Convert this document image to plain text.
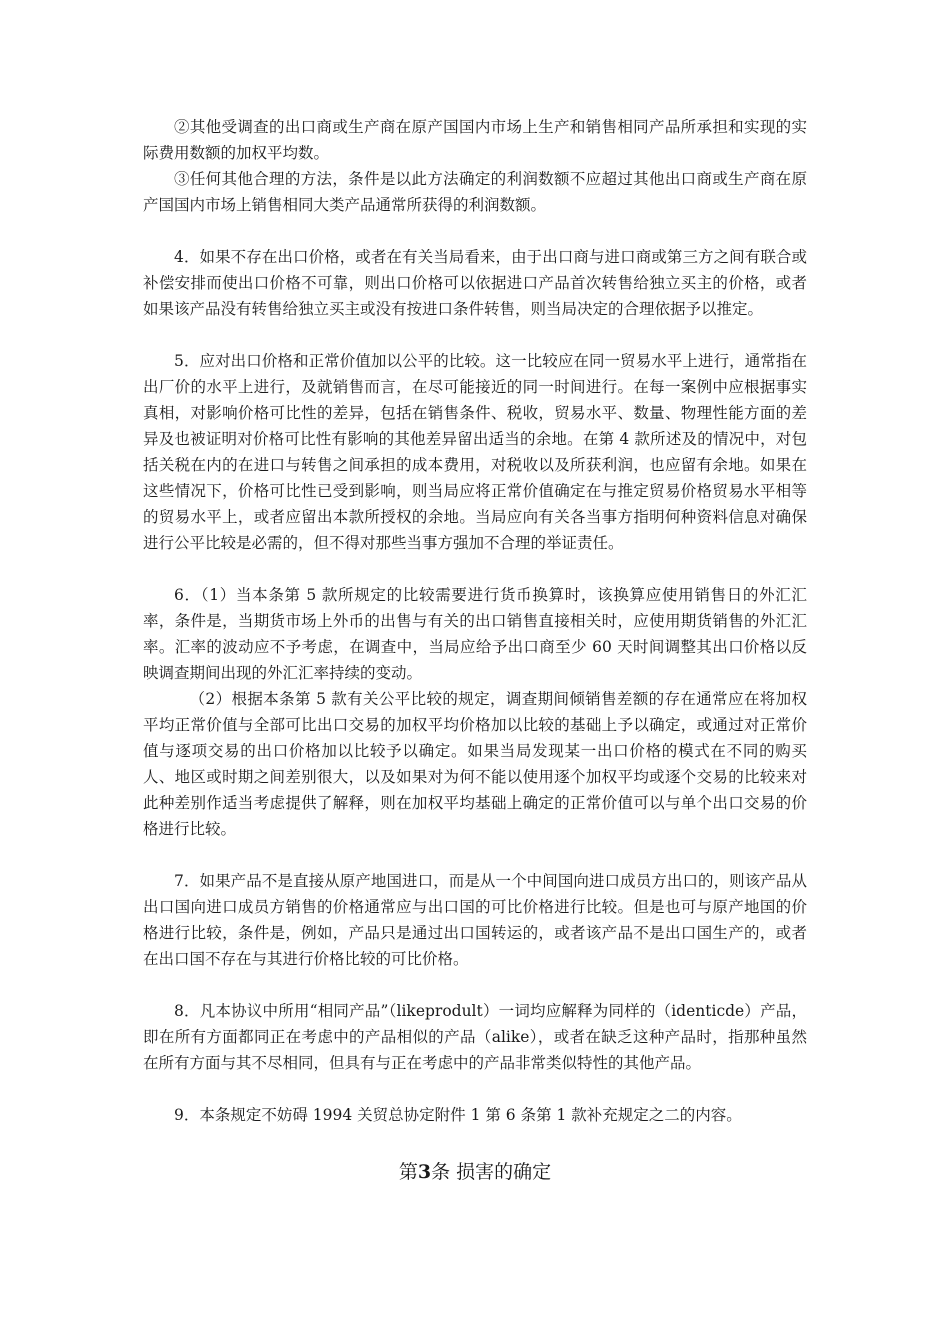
②其他受调查的出口商或生产商在原产国国内市场上生产和销售相同产品所承担和实现的实际费用数额的加权平均数。

③任何其他合理的方法，条件是以此方法确定的利润数额不应超过其他出口商或生产商在原产国国内市场上销售相同大类产品通常所获得的利润数额。

4．如果不存在出口价格，或者在有关当局看来，由于出口商与进口商或第三方之间有联合或补偿安排而使出口价格不可靠，则出口价格可以依据进口产品首次转售给独立买主的价格，或者如果该产品没有转售给独立买主或没有按进口条件转售，则当局决定的合理依据予以推定。

5．应对出口价格和正常价值加以公平的比较。这一比较应在同一贸易水平上进行，通常指在出厂价的水平上进行，及就销售而言，在尽可能接近的同一时间进行。在每一案例中应根据事实真相，对影响价格可比性的差异，包括在销售条件、税收，贸易水平、数量、物理性能方面的差异及也被证明对价格可比性有影响的其他差异留出适当的余地。在第 4 款所述及的情况中，对包括关税在内的在进口与转售之间承担的成本费用，对税收以及所获利润，也应留有余地。如果在这些情况下，价格可比性已受到影响，则当局应将正常价值确定在与推定贸易价格贸易水平相等的贸易水平上，或者应留出本款所授权的余地。当局应向有关各当事方指明何种资料信息对确保进行公平比较是必需的，但不得对那些当事方强加不合理的举证责任。

6．（1）当本条第 5 款所规定的比较需要进行货币换算时，该换算应使用销售日的外汇汇率，条件是，当期货市场上外币的出售与有关的出口销售直接相关时，应使用期货销售的外汇汇率。汇率的波动应不予考虑，在调查中，当局应给予出口商至少 60 天时间调整其出口价格以反映调查期间出现的外汇汇率持续的变动。

（2）根据本条第 5 款有关公平比较的规定，调查期间倾销售差额的存在通常应在将加权平均正常价值与全部可比出口交易的加权平均价格加以比较的基础上予以确定，或通过对正常价值与逐项交易的出口价格加以比较予以确定。如果当局发现某一出口价格的模式在不同的购买人、地区或时期之间差别很大，以及如果对为何不能以使用逐个加权平均或逐个交易的比较来对此种差别作适当考虑提供了解释，则在加权平均基础上确定的正常价值可以与单个出口交易的价格进行比较。

7．如果产品不是直接从原产地国进口，而是从一个中间国向进口成员方出口的，则该产品从出口国向进口成员方销售的价格通常应与出口国的可比价格进行比较。但是也可与原产地国的价格进行比较，条件是，例如，产品只是通过出口国转运的，或者该产品不是出口国生产的，或者在出口国不存在与其进行价格比较的可比价格。

8．凡本协议中所用“相同产品”（likeprodult）一词均应解释为同样的（identicde）产品，即在所有方面都同正在考虑中的产品相似的产品（alike），或者在缺乏这种产品时，指那种虽然在所有方面与其不尽相同，但具有与正在考虑中的产品非常类似特性的其他产品。

9．本条规定不妨碍 1994 关贸总协定附件 1 第 6 条第 1 款补充规定之二的内容。

第3条 损害的确定
